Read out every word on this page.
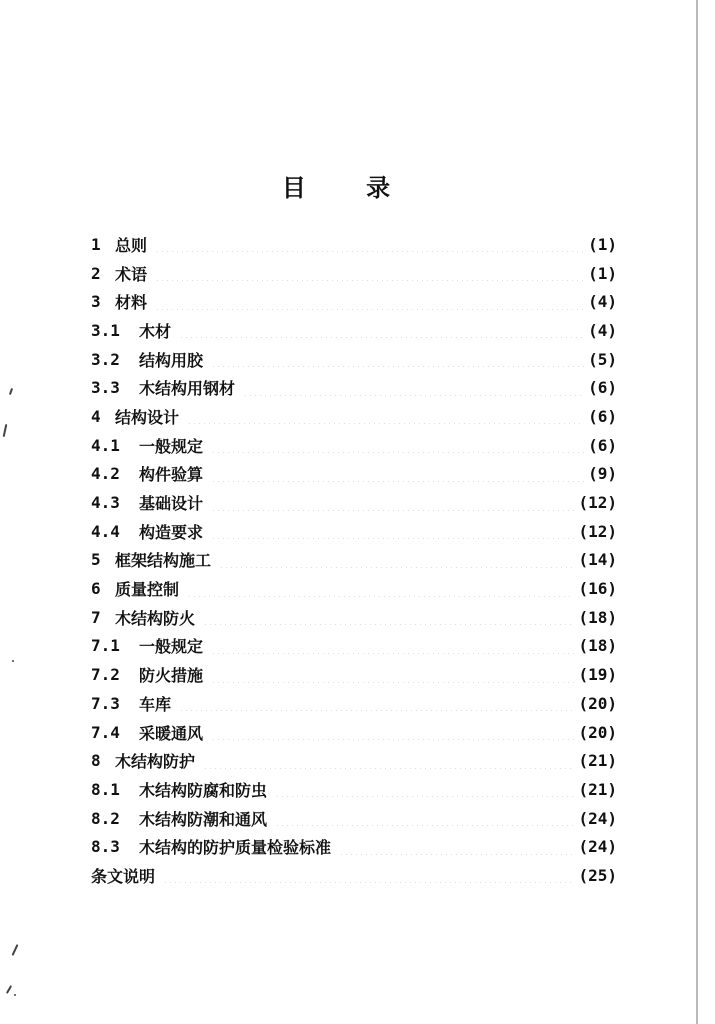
目 录
1 总则	(1)
2 术语	(1)
3 材料	(4)
3.1	木材	(4)
3.2	结构用胶	(5)
3.3	木结构用钢材	(6)
4 结构设计	(6)
4.1	一般规定	(6)
4.2	构件验算	(9)
4.3	基础设计	(12)
4.4	构造要求	(12)
5 框架结构施工	(14)
6 质量控制	(16)
7 木结构防火	(18)
7.1	一般规定	(18)
7.2	防火措施	(19)
7.3	车库	(20)
7.4	采暖通风	(20)
8 木结构防护	(21)
8.1	木结构防腐和防虫	(21)
8.2	木结构防潮和通风	(24)
8.3	木结构的防护质量检验标准	(24)
条文说明	(25)
